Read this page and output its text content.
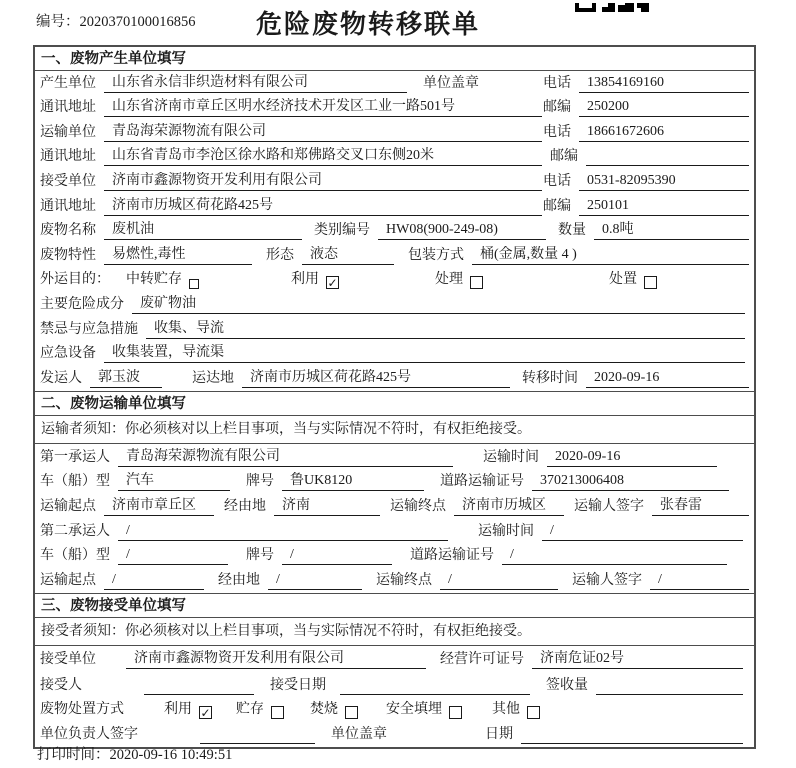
编号：2020370100016856	危险废物转移联单
一、废物产生单位填写
产生单位	山东省永信非织造材料有限公司	单位盖章	电话	13854169160
通讯地址	山东省济南市章丘区明水经济技术开发区工业一路501号	邮编	250200
运输单位	青岛海荣源物流有限公司	电话	18661672606
通讯地址	山东省青岛市李沧区徐水路和郑佛路交叉口东侧20米	邮编
接受单位	济南市鑫源物资开发利用有限公司	电话	0531-82095390
通讯地址	济南市历城区荷花路425号	邮编	250101
废物名称	废机油	类别编号	HW08(900-249-08)	数量	0.8吨
废物特性	易燃性,毒性	形态	液态	包装方式	桶(金属,数量 4 )
外运目的： 中转贮存	利用 ✓	处理	处置
主要危险成分	废矿物油
禁忌与应急措施	收集、导流
应急设备	收集装置，导流渠
发运人	郭玉波	运达地	济南市历城区荷花路425号	转移时间	2020-09-16
二、废物运输单位填写
运输者须知：你必须核对以上栏目事项，当与实际情况不符时，有权拒绝接受。
第一承运人	青岛海荣源物流有限公司	运输时间	2020-09-16
车（船）型	汽车	牌号	鲁UK8120	道路运输证号	370213006408
运输起点	济南市章丘区	经由地	济南	运输终点	济南市历城区	运输人签字	张春雷
第二承运人	/	运输时间	/
车（船）型	/	牌号	/	道路运输证号	/
运输起点	/	经由地	/	运输终点	/	运输人签字	/
三、废物接受单位填写
接受者须知：你必须核对以上栏目事项，当与实际情况不符时，有权拒绝接受。
接受单位	济南市鑫源物资开发利用有限公司	经营许可证号	济南危证02号
接受人	接受日期	签收量
废物处置方式	利用 ✓ 贮存	焚烧	安全填埋	其他
单位负责人签字	单位盖章	日期
打印时间：2020-09-16 10:49:51
